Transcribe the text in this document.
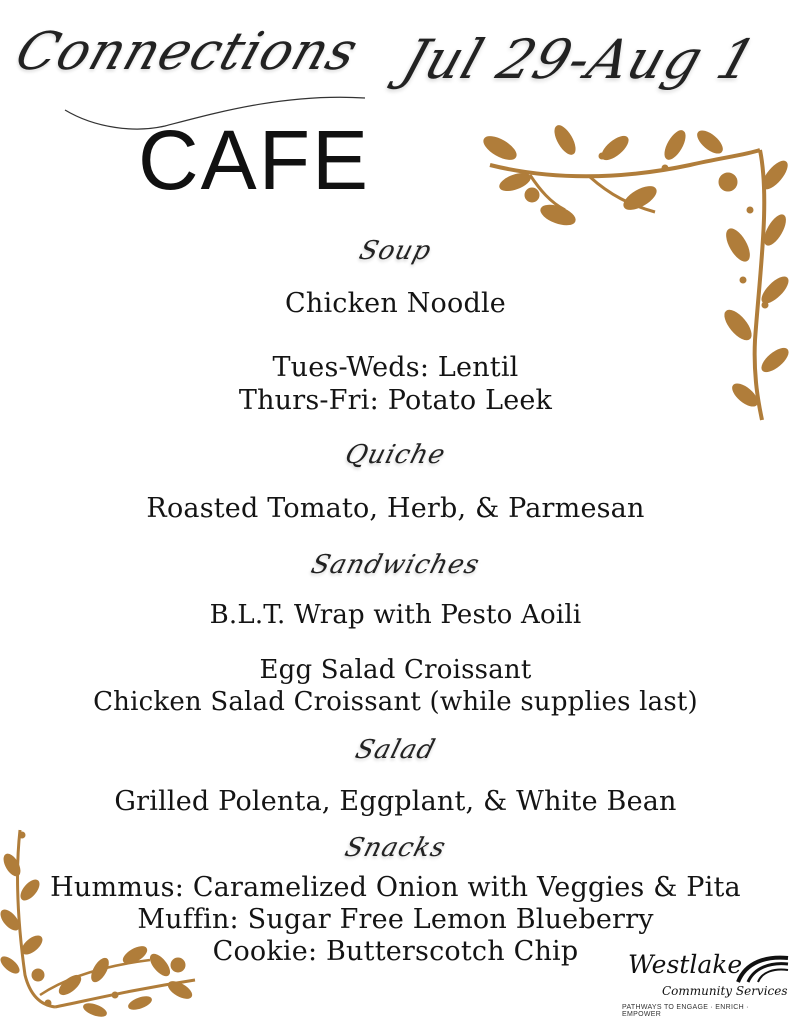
Connections Jul 29-Aug 1
CAFE
Soup
Chicken Noodle
Tues-Weds: Lentil
Thurs-Fri: Potato Leek
Quiche
Roasted Tomato, Herb, & Parmesan
Sandwiches
B.L.T. Wrap with Pesto Aoili
Egg Salad Croissant
Chicken Salad Croissant (while supplies last)
Salad
Grilled Polenta, Eggplant, & White Bean
Snacks
Hummus: Caramelized Onion with Veggies & Pita
Muffin: Sugar Free Lemon Blueberry
Cookie: Butterscotch Chip	Westlake
Community Services
PATHWAYS TO ENGAGE · ENRICH · EMPOWER
